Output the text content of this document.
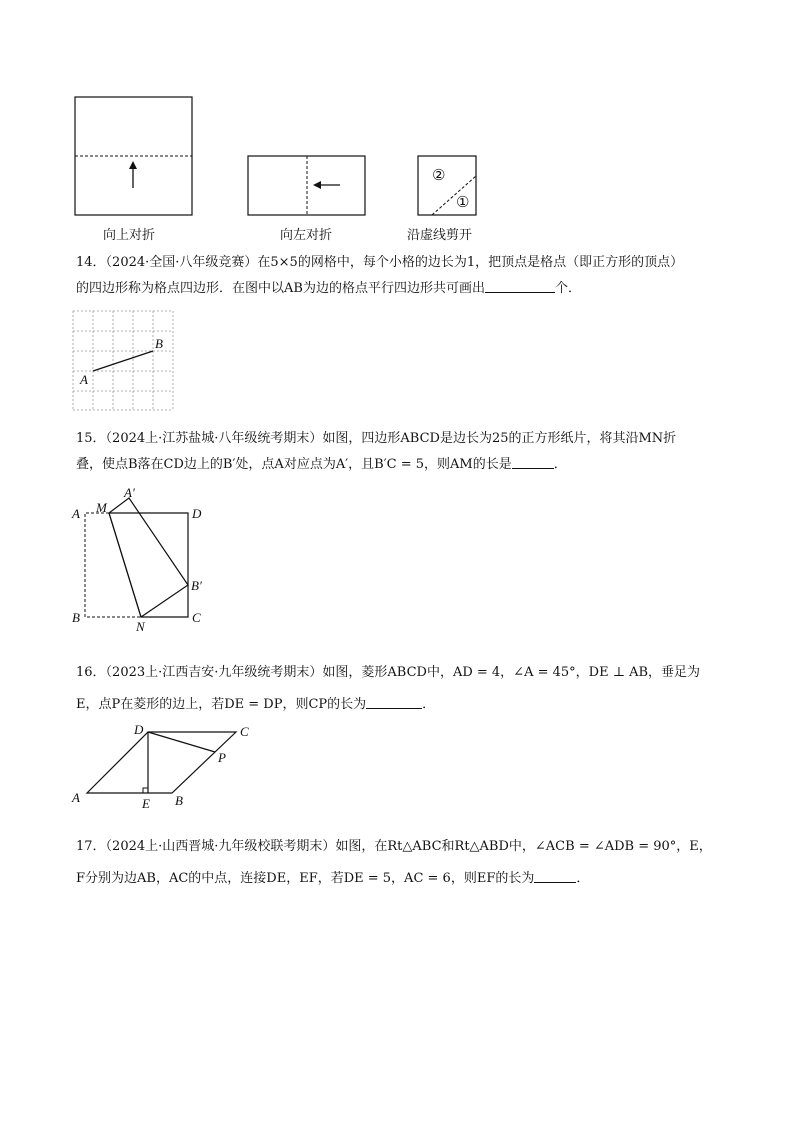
②
①
向上对折	向左对折	沿虚线剪开
14．（2024·全国·八年级竞赛）在5×5的网格中，每个小格的边长为1，把顶点是格点（即正方形的顶点）
的四边形称为格点四边形．在图中以AB为边的格点平行四边形共可画出	个．
A
B
15．（2024上·江苏盐城·八年级统考期末）如图，四边形ABCD是边长为25的正方形纸片，将其沿MN折
叠，使点B落在CD边上的B′处，点A对应点为A′，且B′C = 5，则AM的长是	．
A M
A′
D
B′
B
N
C
16．（2023上·江西吉安·九年级统考期末）如图，菱形ABCD中，AD = 4，∠A = 45°，DE ⊥ AB，垂足为
E，点P在菱形的边上，若DE = DP，则CP的长为	．
A	E B
D	C
P
17．（2024上·山西晋城·九年级校联考期末）如图，在Rt△ABC和Rt△ABD中，∠ACB = ∠ADB = 90°，E，
F分别为边AB，AC的中点，连接DE，EF，若DE = 5，AC = 6，则EF的长为	．
